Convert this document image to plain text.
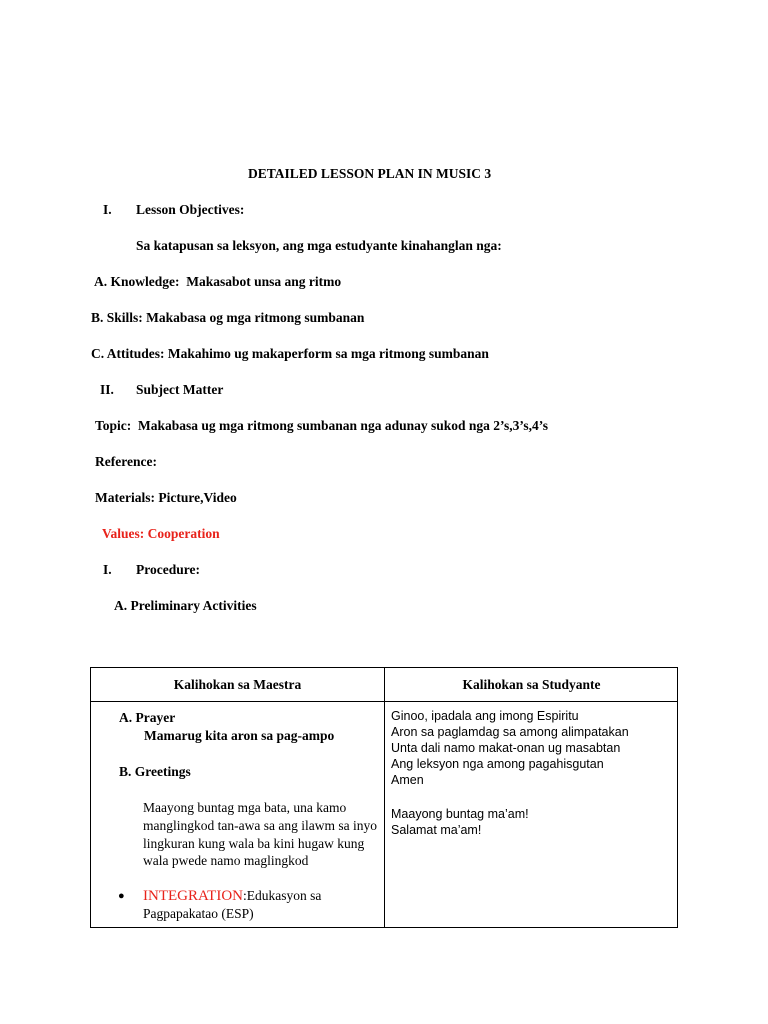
DETAILED LESSON PLAN IN MUSIC 3
I. Lesson Objectives:
Sa katapusan sa leksyon, ang mga estudyante kinahanglan nga:
A. Knowledge: Makasabot unsa ang ritmo
B. Skills: Makabasa og mga ritmong sumbanan
C. Attitudes: Makahimo ug makaperform sa mga ritmong sumbanan
II. Subject Matter
Topic: Makabasa ug mga ritmong sumbanan nga adunay sukod nga 2’s,3’s,4’s
Reference:
Materials: Picture,Video
Values: Cooperation
I. Procedure:
A. Preliminary Activities
Kalihokan sa Maestra	Kalihokan sa Studyante
A. Prayer
Mamarug kita aron sa pag-ampo
B. Greetings
Maayong buntag mga bata, una kamo manglingkod tan-awa sa ang ilawm sa inyo lingkuran kung wala ba kini hugaw kung wala pwede namo maglingkod
● INTEGRATION:Edukasyon sa
Pagpapakatao (ESP)
Ginoo, ipadala ang imong Espiritu
Aron sa paglamdag sa among alimpatakan
Unta dali namo makat-onan ug masabtan
Ang leksyon nga among pagahisgutan
Amen
Maayong buntag ma’am!
Salamat ma’am!
